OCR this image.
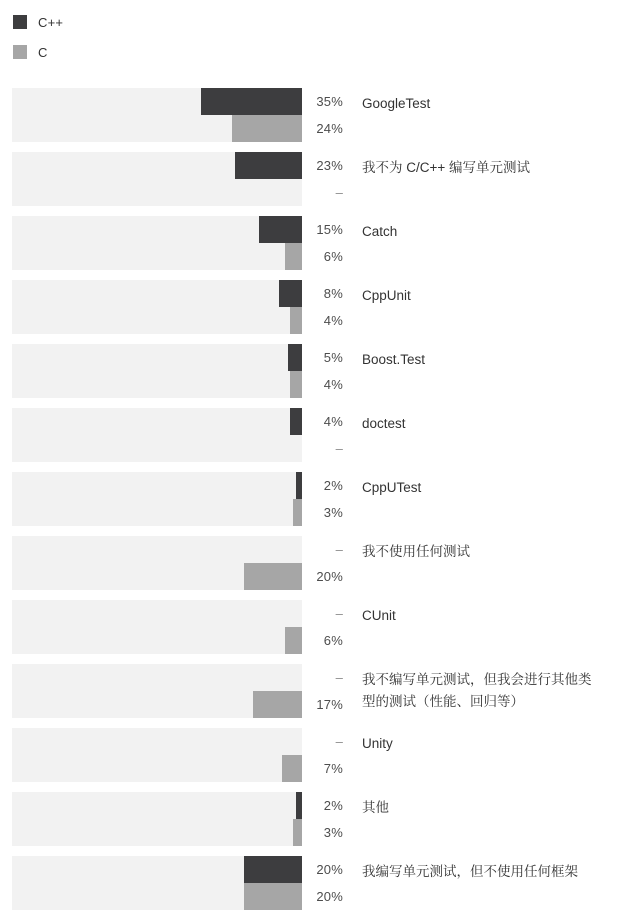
C++
C
35%
24%
GoogleTest
23%
–
我不为 C/C++ 编写单元测试
15%
6%
Catch
8%
4%
CppUnit
5%
4%
Boost.Test
4%
–
doctest
2%
3%
CppUTest
–
20%
我不使用任何测试
–
6%
CUnit
–
17%
我不编写单元测试，但我会进行其他类型的测试（性能、回归等）
–
7%
Unity
2%
3%
其他
20%
20%
我编写单元测试，但不使用任何框架
